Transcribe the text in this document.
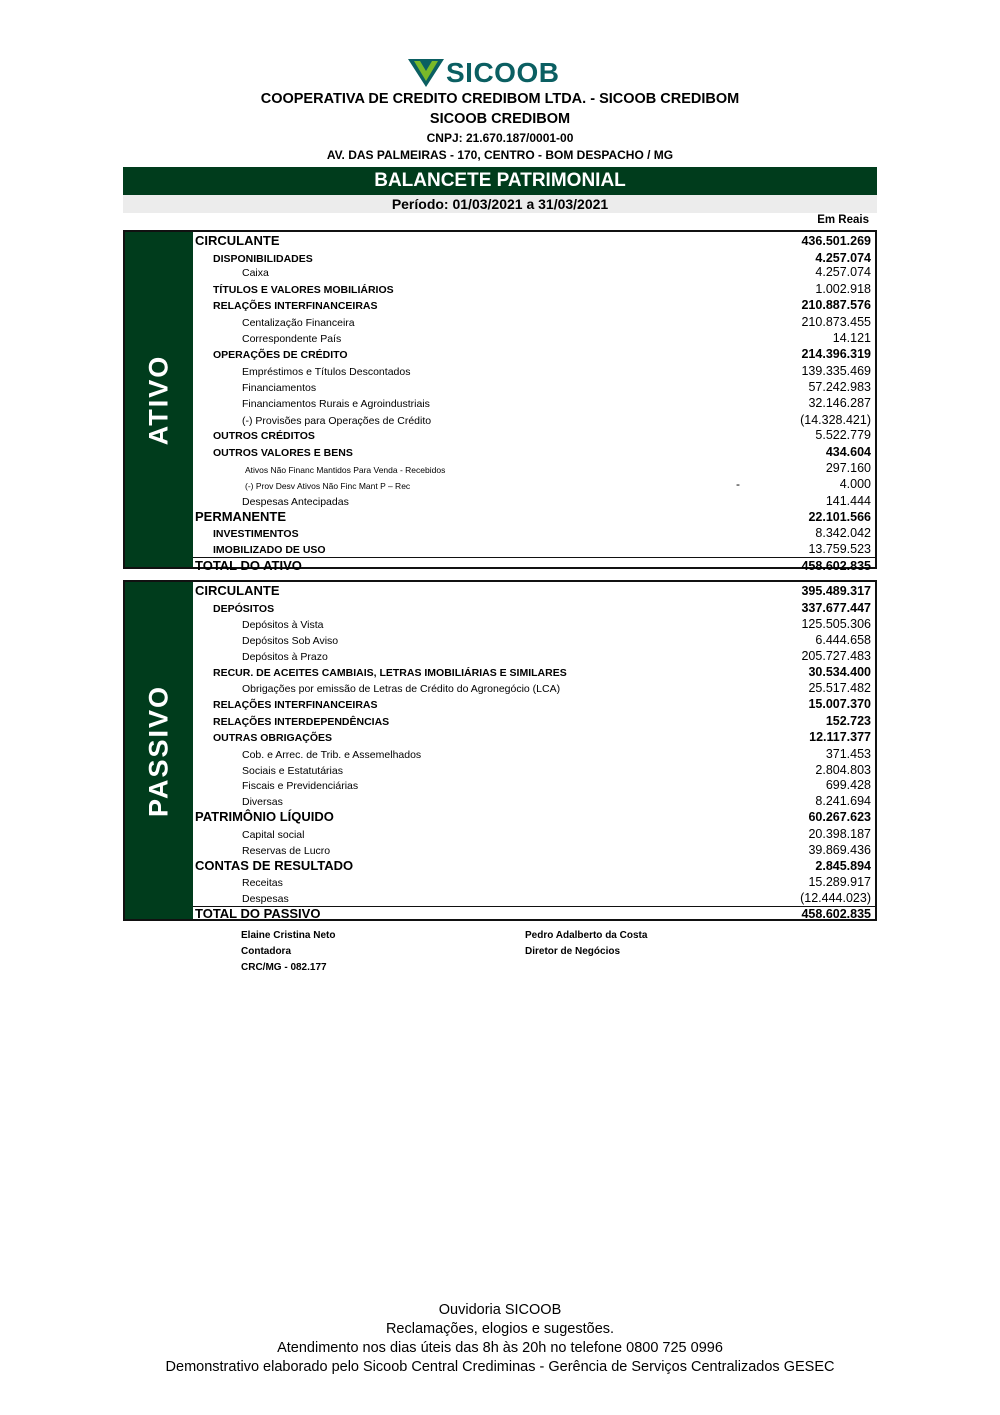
SICOOB
COOPERATIVA DE CREDITO CREDIBOM LTDA. - SICOOB CREDIBOM
SICOOB CREDIBOM
CNPJ: 21.670.187/0001-00
AV. DAS PALMEIRAS - 170, CENTRO - BOM DESPACHO / MG
BALANCETE PATRIMONIAL
Período: 01/03/2021 a 31/03/2021
Em Reais
ATIVO
CIRCULANTE	436.501.269
DISPONIBILIDADES	4.257.074
Caixa	4.257.074
TÍTULOS E VALORES MOBILIÁRIOS	1.002.918
RELAÇÕES INTERFINANCEIRAS	210.887.576
Centalização Financeira	210.873.455
Correspondente País	14.121
OPERAÇÕES DE CRÉDITO	214.396.319
Empréstimos e Títulos Descontados	139.335.469
Financiamentos	57.242.983
Financiamentos Rurais e Agroindustriais	32.146.287
(-) Provisões para Operações de Crédito	(14.328.421)
OUTROS CRÉDITOS	5.522.779
OUTROS VALORES E BENS	434.604
Ativos Não Financ Mantidos Para Venda - Recebidos	297.160
(-) Prov Desv Ativos Não Finc Mant P – Rec	-	4.000
Despesas Antecipadas	141.444
PERMANENTE	22.101.566
INVESTIMENTOS	8.342.042
IMOBILIZADO DE USO	13.759.523
TOTAL DO ATIVO	458.602.835
PASSIVO
CIRCULANTE	395.489.317
DEPÓSITOS	337.677.447
Depósitos à Vista	125.505.306
Depósitos Sob Aviso	6.444.658
Depósitos à Prazo	205.727.483
RECUR. DE ACEITES CAMBIAIS, LETRAS IMOBILIÁRIAS E SIMILARES	30.534.400
Obrigações por emissão de Letras de Crédito do Agronegócio (LCA)	25.517.482
RELAÇÕES INTERFINANCEIRAS	15.007.370
RELAÇÕES INTERDEPENDÊNCIAS	152.723
OUTRAS OBRIGAÇÕES	12.117.377
Cob. e Arrec. de Trib. e Assemelhados	371.453
Sociais e Estatutárias	2.804.803
Fiscais e Previdenciárias	699.428
Diversas	8.241.694
PATRIMÔNIO LÍQUIDO	60.267.623
Capital social	20.398.187
Reservas de Lucro	39.869.436
CONTAS DE RESULTADO	2.845.894
Receitas	15.289.917
Despesas	(12.444.023)
TOTAL DO PASSIVO	458.602.835
Elaine Cristina Neto
Contadora
CRC/MG - 082.177
Pedro Adalberto da Costa
Diretor de Negócios
Ouvidoria SICOOB
Reclamações, elogios e sugestões.
Atendimento nos dias úteis das 8h às 20h no telefone 0800 725 0996
Demonstrativo elaborado pelo Sicoob Central Crediminas - Gerência de Serviços Centralizados GESEC
